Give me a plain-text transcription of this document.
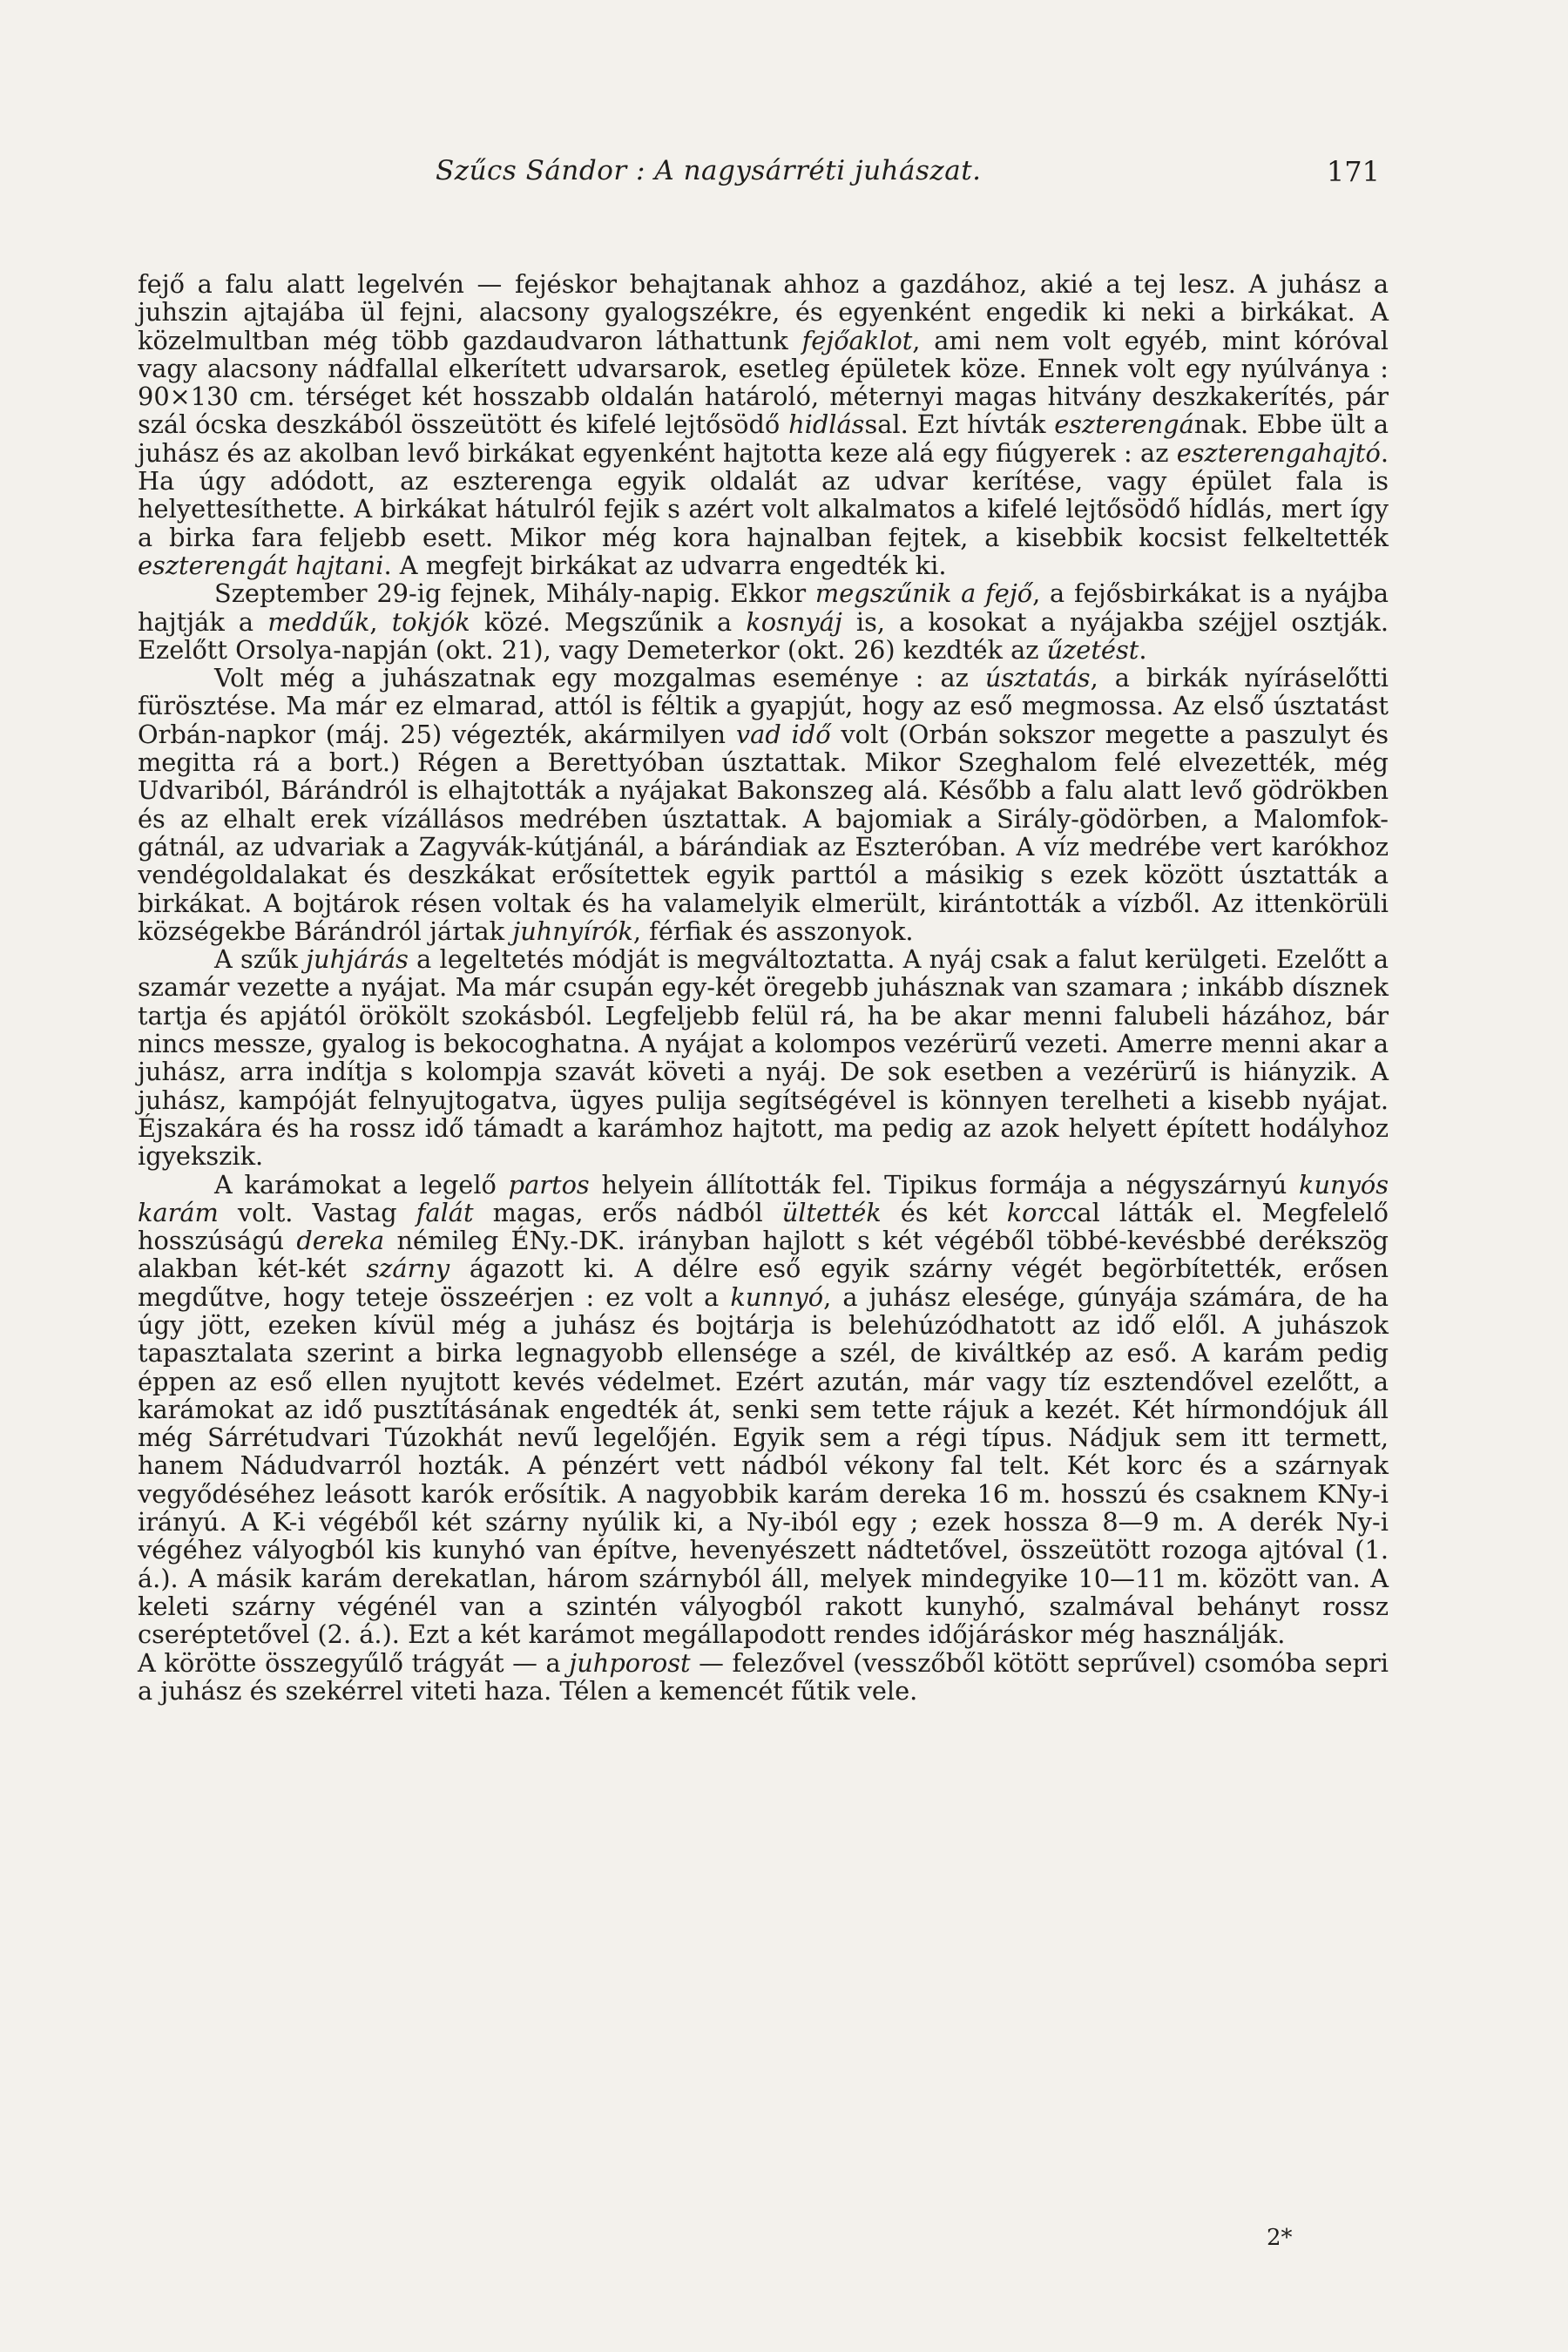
Szűcs Sándor : A nagysárréti juhászat.	171

fejő a falu alatt legelvén — fejéskor behajtanak ahhoz a gazdához, akié a tej lesz. A juhász a juhszin ajtajába ül fejni, alacsony gyalogszékre, és egyenként engedik ki neki a birkákat. A közelmultban még több gazdaudvaron láthattunk fejőaklot, ami nem volt egyéb, mint kóróval vagy alacsony nádfallal elkerített udvarsarok, esetleg épületek köze. Ennek volt egy nyúlványa : 90×130 cm. térséget két hosszabb oldalán határoló, méternyi magas hitvány deszkakerítés, pár szál ócska deszkából összeütött és kifelé lejtősödő hidlással. Ezt hívták eszterengának. Ebbe ült a juhász és az akolban levő birkákat egyenként hajtotta keze alá egy fiúgyerek : az eszterengahajtó. Ha úgy adódott, az eszterenga egyik oldalát az udvar kerítése, vagy épület fala is helyettesíthette. A birkákat hátulról fejik s azért volt alkalmatos a kifelé lejtősödő hídlás, mert így a birka fara feljebb esett. Mikor még kora hajnalban fejtek, a kisebbik kocsist felkeltették eszterengát hajtani. A megfejt birkákat az udvarra engedték ki.

Szeptember 29-ig fejnek, Mihály-napig. Ekkor megszűnik a fejő, a fejősbirkákat is a nyájba hajtják a meddűk, tokjók közé. Megszűnik a kosnyáj is, a kosokat a nyájakba széjjel osztják. Ezelőtt Orsolya-napján (okt. 21), vagy Demeterkor (okt. 26) kezdték az űzetést.

Volt még a juhászatnak egy mozgalmas eseménye : az úsztatás, a birkák nyíráselőtti fürösztése. Ma már ez elmarad, attól is féltik a gyapjút, hogy az eső megmossa. Az első úsztatást Orbán-napkor (máj. 25) végezték, akármilyen vad idő volt (Orbán sokszor megette a paszulyt és megitta rá a bort.) Régen a Berettyóban úsztattak. Mikor Szeghalom felé elvezették, még Udvariból, Bárándról is elhajtották a nyájakat Bakonszeg alá. Később a falu alatt levő gödrökben és az elhalt erek vízállásos medrében úsztattak. A bajomiak a Sirály-gödörben, a Malomfok-gátnál, az udvariak a Zagyvák-kútjánál, a bárándiak az Eszteróban. A víz medrébe vert karókhoz vendégoldalakat és deszkákat erősítettek egyik parttól a másikig s ezek között úsztatták a birkákat. A bojtárok résen voltak és ha valamelyik elmerült, kirántották a vízből. Az ittenkörüli községekbe Bárándról jártak juhnyírók, férfiak és asszonyok.

A szűk juhjárás a legeltetés módját is megváltoztatta. A nyáj csak a falut kerülgeti. Ezelőtt a szamár vezette a nyájat. Ma már csupán egy-két öregebb juhásznak van szamara ; inkább dísznek tartja és apjától örökölt szokásból. Legfeljebb felül rá, ha be akar menni falubeli házához, bár nincs messze, gyalog is bekocoghatna. A nyájat a kolompos vezérürű vezeti. Amerre menni akar a juhász, arra indítja s kolompja szavát követi a nyáj. De sok esetben a vezérürű is hiányzik. A juhász, kampóját felnyujtogatva, ügyes pulija segítségével is könnyen terelheti a kisebb nyájat. Éjszakára és ha rossz idő támadt a karámhoz hajtott, ma pedig az azok helyett épített hodályhoz igyekszik.

A karámokat a legelő partos helyein állították fel. Tipikus formája a négyszárnyú kunyós karám volt. Vastag falát magas, erős nádból ültették és két korccal látták el. Megfelelő hosszúságú dereka némileg ÉNy.-DK. irányban hajlott s két végéből többé-kevésbbé derékszög alakban két-két szárny ágazott ki. A délre eső egyik szárny végét begörbítették, erősen megdűtve, hogy teteje összeérjen : ez volt a kunnyó, a juhász elesége, gúnyája számára, de ha úgy jött, ezeken kívül még a juhász és bojtárja is belehúzódhatott az idő elől. A juhászok tapasztalata szerint a birka legnagyobb ellensége a szél, de kiváltkép az eső. A karám pedig éppen az eső ellen nyujtott kevés védelmet. Ezért azután, már vagy tíz esztendővel ezelőtt, a karámokat az idő pusztításának engedték át, senki sem tette rájuk a kezét. Két hírmondójuk áll még Sárrétudvari Túzokhát nevű legelőjén. Egyik sem a régi típus. Nádjuk sem itt termett, hanem Nádudvarról hozták. A pénzért vett nádból vékony fal telt. Két korc és a szárnyak vegyődéséhez leásott karók erősítik. A nagyobbik karám dereka 16 m. hosszú és csaknem KNy-i irányú. A K-i végéből két szárny nyúlik ki, a Ny-iból egy ; ezek hossza 8—9 m. A derék Ny-i végéhez vályogból kis kunyhó van építve, hevenyészett nádtetővel, összeütött rozoga ajtóval (1. á.). A másik karám derekatlan, három szárnyból áll, melyek mindegyike 10—11 m. között van. A keleti szárny végénél van a szintén vályogból rakott kunyhó, szalmával behányt rossz cseréptetővel (2. á.). Ezt a két karámot megállapodott rendes időjáráskor még használják.

A körötte összegyűlő trágyát — a juhporost — felezővel (vesszőből kötött seprűvel) csomóba sepri a juhász és szekérrel viteti haza. Télen a kemencét fűtik vele.

2*
